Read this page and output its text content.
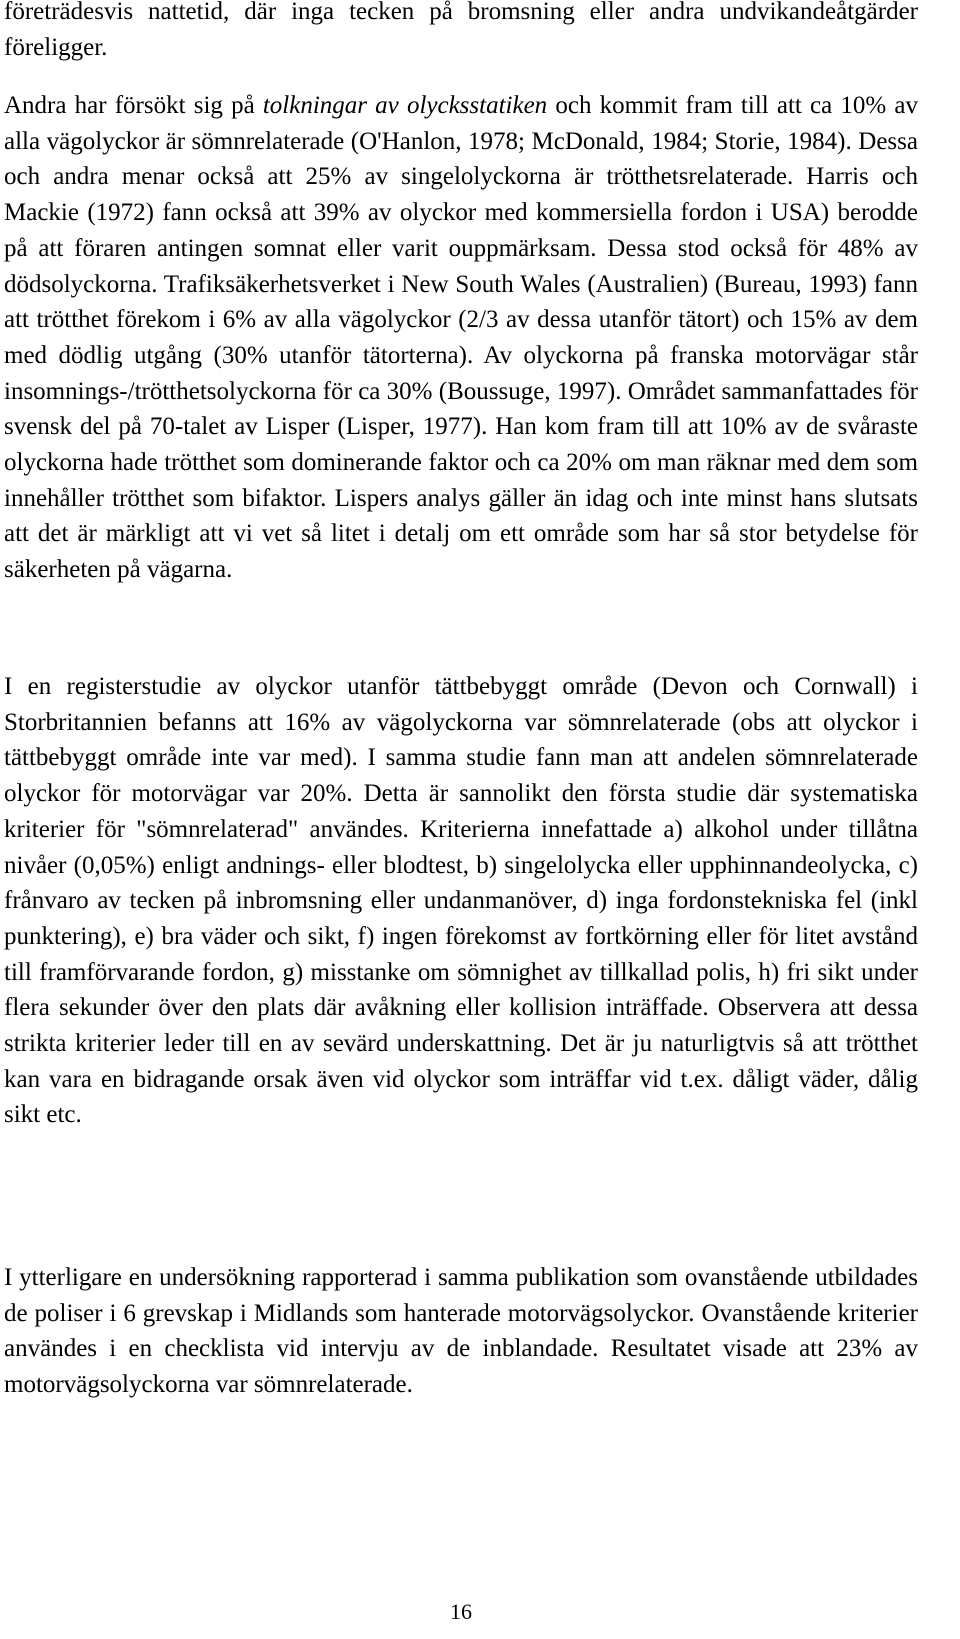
företrädesvis nattetid, där inga tecken på bromsning eller andra undvikandeåtgärder föreligger.

Andra har försökt sig på tolkningar av olycksstatiken och kommit fram till att ca 10% av alla vägolyckor är sömnrelaterade (O'Hanlon, 1978; McDonald, 1984; Storie, 1984). Dessa och andra menar också att 25% av singelolyckorna är trötthetsrelaterade. Harris och Mackie (1972) fann också att 39% av olyckor med kommersiella fordon i USA) berodde på att föraren antingen somnat eller varit ouppmärksam. Dessa stod också för 48% av dödsolyckorna. Trafiksäkerhetsverket i New South Wales (Australien) (Bureau, 1993) fann att trötthet förekom i 6% av alla vägolyckor (2/3 av dessa utanför tätort) och 15% av dem med dödlig utgång (30% utanför tätorterna). Av olyckorna på franska motorvägar står insomnings-/trötthetsolyckorna för ca 30% (Boussuge, 1997). Området sammanfattades för svensk del på 70-talet av Lisper (Lisper, 1977). Han kom fram till att 10% av de svåraste olyckorna hade trötthet som dominerande faktor och ca 20% om man räknar med dem som innehåller trötthet som bifaktor. Lispers analys gäller än idag och inte minst hans slutsats att det är märkligt att vi vet så litet i detalj om ett område som har så stor betydelse för säkerheten på vägarna.

I en registerstudie av olyckor utanför tättbebyggt område (Devon och Cornwall) i Storbritannien befanns att 16% av vägolyckorna var sömnrelaterade (obs att olyckor i tättbebyggt område inte var med). I samma studie fann man att andelen sömnrelaterade olyckor för motorvägar var 20%. Detta är sannolikt den första studie där systematiska kriterier för "sömnrelaterad" användes. Kriterierna innefattade a) alkohol under tillåtna nivåer (0,05%) enligt andnings- eller blodtest, b) singelolycka eller upphinnandeolycka, c) frånvaro av tecken på inbromsning eller undanmanöver, d) inga fordonstekniska fel (inkl punktering), e) bra väder och sikt, f) ingen förekomst av fortkörning eller för litet avstånd till framförvarande fordon, g) misstanke om sömnighet av tillkallad polis, h) fri sikt under flera sekunder över den plats där avåkning eller kollision inträffade. Observera att dessa strikta kriterier leder till en av sevärd underskattning. Det är ju naturligtvis så att trötthet kan vara en bidragande orsak även vid olyckor som inträffar vid t.ex. dåligt väder, dålig sikt etc.

I ytterligare en undersökning rapporterad i samma publikation som ovanstående utbildades de poliser i 6 grevskap i Midlands som hanterade motorvägsolyckor. Ovanstående kriterier användes i en checklista vid intervju av de inblandade. Resultatet visade att 23% av motorvägsolyckorna var sömnrelaterade.

16
